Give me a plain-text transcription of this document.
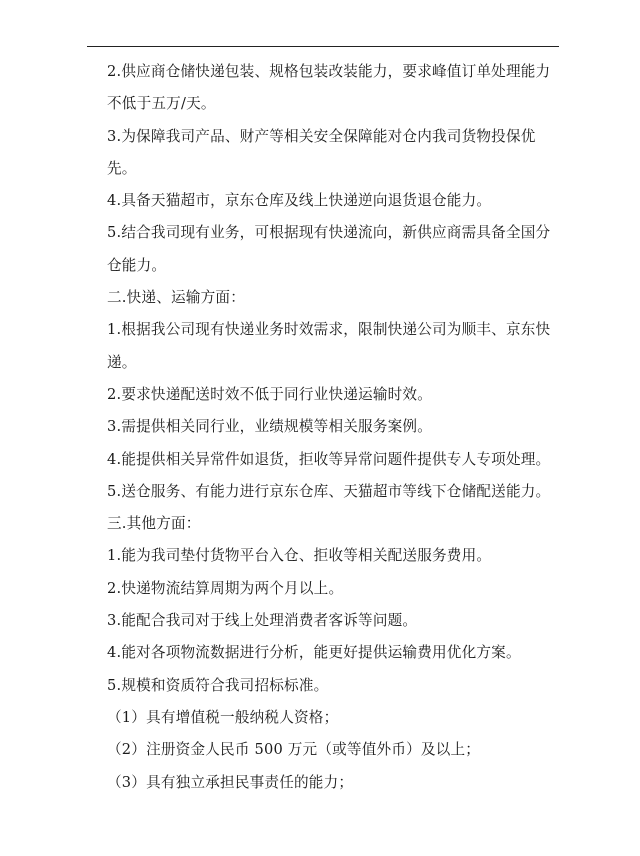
2.供应商仓储快递包装、规格包装改装能力，要求峰值订单处理能力
不低于五万/天。
3.为保障我司产品、财产等相关安全保障能对仓内我司货物投保优
先。
4.具备天猫超市，京东仓库及线上快递逆向退货退仓能力。
5.结合我司现有业务，可根据现有快递流向，新供应商需具备全国分
仓能力。
二.快递、运输方面：
1.根据我公司现有快递业务时效需求，限制快递公司为顺丰、京东快
递。
2.要求快递配送时效不低于同行业快递运输时效。
3.需提供相关同行业，业绩规模等相关服务案例。
4.能提供相关异常件如退货，拒收等异常问题件提供专人专项处理。
5.送仓服务、有能力进行京东仓库、天猫超市等线下仓储配送能力。
三.其他方面：
1.能为我司垫付货物平台入仓、拒收等相关配送服务费用。
2.快递物流结算周期为两个月以上。
3.能配合我司对于线上处理消费者客诉等问题。
4.能对各项物流数据进行分析，能更好提供运输费用优化方案。
5.规模和资质符合我司招标标准。
（1）具有增值税一般纳税人资格；
（2）注册资金人民币 500 万元（或等值外币）及以上；
（3）具有独立承担民事责任的能力；
